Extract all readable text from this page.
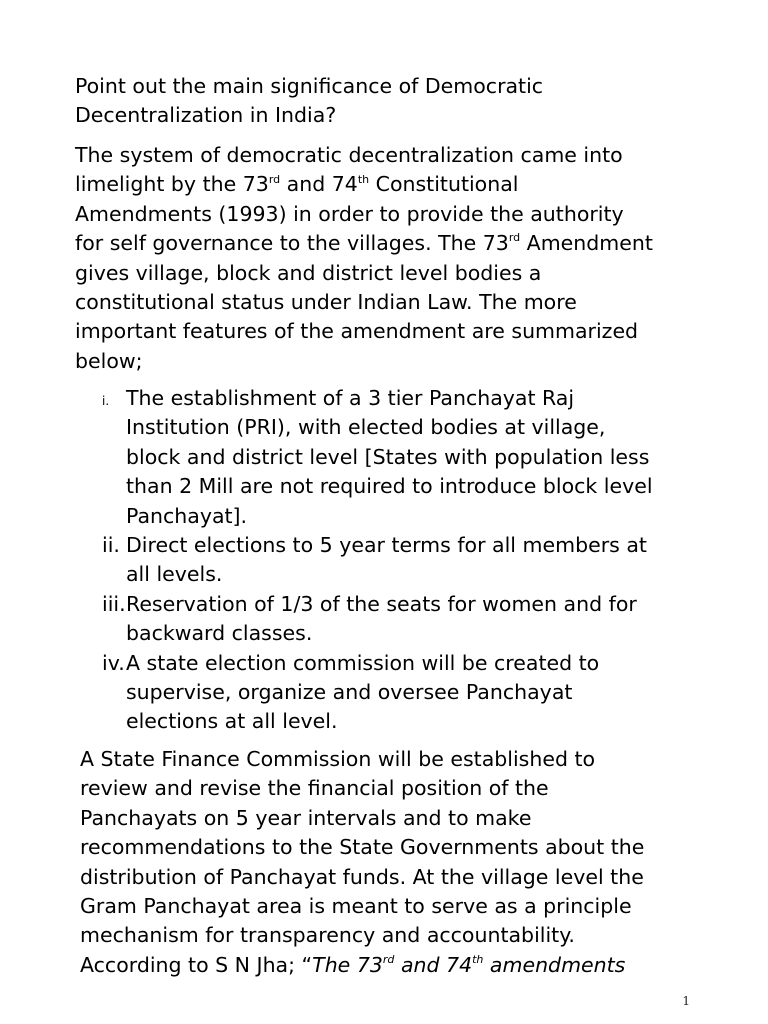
Point out the main significance of Democratic
Decentralization in India?
The system of democratic decentralization came into
limelight by the 73rd and 74th Constitutional
Amendments (1993) in order to provide the authority
for self governance to the villages. The 73rd Amendment
gives village, block and district level bodies a
constitutional status under Indian Law. The more
important features of the amendment are summarized
below;
i. The establishment of a 3 tier Panchayat Raj
Institution (PRI), with elected bodies at village,
block and district level [States with population less
than 2 Mill are not required to introduce block level
Panchayat].
ii. Direct elections to 5 year terms for all members at
all levels.
iii. Reservation of 1/3 of the seats for women and for
backward classes.
iv. A state election commission will be created to
supervise, organize and oversee Panchayat
elections at all level.
A State Finance Commission will be established to
review and revise the financial position of the
Panchayats on 5 year intervals and to make
recommendations to the State Governments about the
distribution of Panchayat funds. At the village level the
Gram Panchayat area is meant to serve as a principle
mechanism for transparency and accountability.
According to S N Jha; “The 73rd and 74th amendments
1
